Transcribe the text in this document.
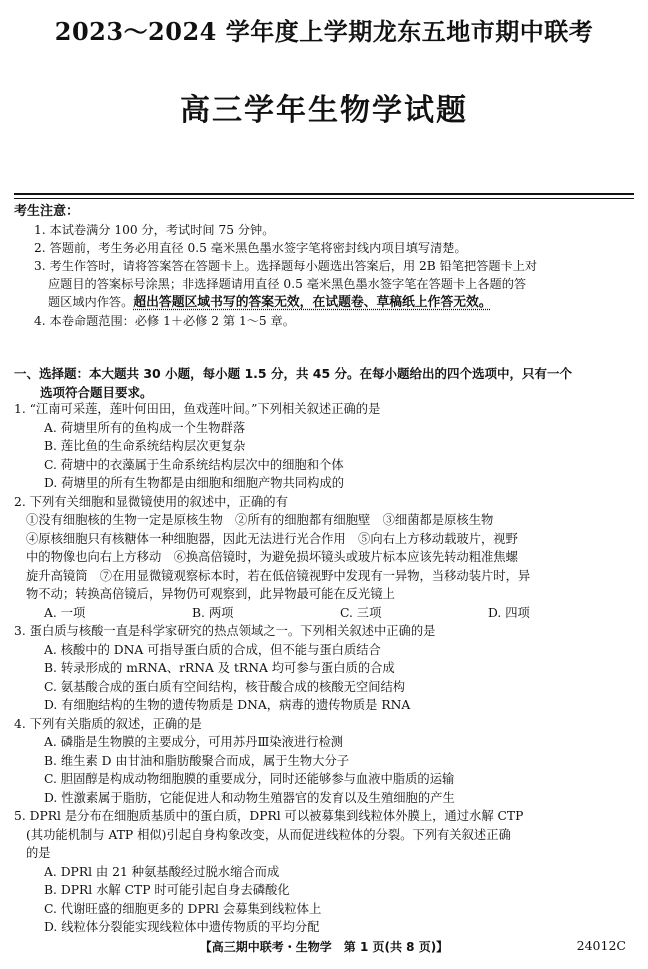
2023～2024 学年度上学期龙东五地市期中联考
高三学年生物学试题
考生注意：
1. 本试卷满分 100 分，考试时间 75 分钟。
2. 答题前，考生务必用直径 0.5 毫米黑色墨水签字笔将密封线内项目填写清楚。
3. 考生作答时，请将答案答在答题卡上。选择题每小题选出答案后，用 2B 铅笔把答题卡上对
应题目的答案标号涂黑；非选择题请用直径 0.5 毫米黑色墨水签字笔在答题卡上各题的答
题区域内作答。超出答题区域书写的答案无效，在试题卷、草稿纸上作答无效。
4. 本卷命题范围：必修 1＋必修 2 第 1～5 章。
一、选择题：本大题共 30 小题，每小题 1.5 分，共 45 分。在每小题给出的四个选项中，只有一个
选项符合题目要求。
1. “江南可采莲，莲叶何田田，鱼戏莲叶间。”下列相关叙述正确的是
A. 荷塘里所有的鱼构成一个生物群落
B. 莲比鱼的生命系统结构层次更复杂
C. 荷塘中的衣藻属于生命系统结构层次中的细胞和个体
D. 荷塘里的所有生物都是由细胞和细胞产物共同构成的
2. 下列有关细胞和显微镜使用的叙述中，正确的有
①没有细胞核的生物一定是原核生物　②所有的细胞都有细胞壁　③细菌都是原核生物
④原核细胞只有核糖体一种细胞器，因此无法进行光合作用　⑤向右上方移动载玻片，视野
中的物像也向右上方移动　⑥换高倍镜时，为避免损坏镜头或玻片标本应该先转动粗准焦螺
旋升高镜筒　⑦在用显微镜观察标本时，若在低倍镜视野中发现有一异物，当移动装片时，异
物不动；转换高倍镜后，异物仍可观察到，此异物最可能在反光镜上
A. 一项	B. 两项	C. 三项	D. 四项
3. 蛋白质与核酸一直是科学家研究的热点领域之一。下列相关叙述中正确的是
A. 核酸中的 DNA 可指导蛋白质的合成，但不能与蛋白质结合
B. 转录形成的 mRNA、rRNA 及 tRNA 均可参与蛋白质的合成
C. 氨基酸合成的蛋白质有空间结构，核苷酸合成的核酸无空间结构
D. 有细胞结构的生物的遗传物质是 DNA，病毒的遗传物质是 RNA
4. 下列有关脂质的叙述，正确的是
A. 磷脂是生物膜的主要成分，可用苏丹Ⅲ染液进行检测
B. 维生素 D 由甘油和脂肪酸聚合而成，属于生物大分子
C. 胆固醇是构成动物细胞膜的重要成分，同时还能够参与血液中脂质的运输
D. 性激素属于脂肪，它能促进人和动物生殖器官的发育以及生殖细胞的产生
5. DPRl 是分布在细胞质基质中的蛋白质，DPRl 可以被募集到线粒体外膜上，通过水解 CTP
(其功能机制与 ATP 相似)引起自身构象改变，从而促进线粒体的分裂。下列有关叙述正确
的是
A. DPRl 由 21 种氨基酸经过脱水缩合而成
B. DPRl 水解 CTP 时可能引起自身去磷酸化
C. 代谢旺盛的细胞更多的 DPRl 会募集到线粒体上
D. 线粒体分裂能实现线粒体中遗传物质的平均分配
【高三期中联考・生物学　第 1 页(共 8 页)】	24012C
